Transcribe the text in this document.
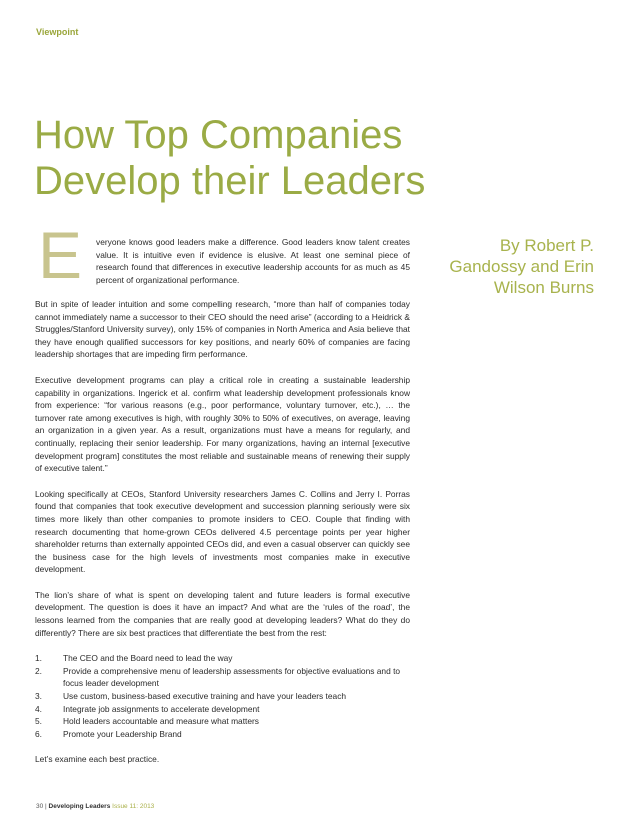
Viewpoint
How Top Companies Develop their Leaders
By Robert P. Gandossy and Erin Wilson Burns
E veryone knows good leaders make a difference. Good leaders know talent creates value. It is intuitive even if evidence is elusive. At least one seminal piece of research found that differences in executive leadership accounts for as much as 45 percent of organizational performance.

But in spite of leader intuition and some compelling research, “more than half of companies today cannot immediately name a successor to their CEO should the need arise” (according to a Heidrick & Struggles/Stanford University survey), only 15% of companies in North America and Asia believe that they have enough qualified successors for key positions, and nearly 60% of companies are facing leadership shortages that are impeding firm performance.

Executive development programs can play a critical role in creating a sustainable leadership capability in organizations. Ingerick et al. confirm what leadership development professionals know from experience: “for various reasons (e.g., poor performance, voluntary turnover, etc.), … the turnover rate among executives is high, with roughly 30% to 50% of executives, on average, leaving an organization in a given year. As a result, organizations must have a means for regularly, and continually, replacing their senior leadership. For many organizations, having an internal [executive development program] constitutes the most reliable and sustainable means of renewing their supply of executive talent.”

Looking specifically at CEOs, Stanford University researchers James C. Collins and Jerry I. Porras found that companies that took executive development and succession planning seriously were six times more likely than other companies to promote insiders to CEO. Couple that finding with research documenting that home-grown CEOs delivered 4.5 percentage points per year higher shareholder returns than externally appointed CEOs did, and even a casual observer can quickly see the business case for the high levels of investments most companies make in executive development.

The lion’s share of what is spent on developing talent and future leaders is formal executive development. The question is does it have an impact? And what are the ‘rules of the road’, the lessons learned from the companies that are really good at developing leaders? What do they do differently? There are six best practices that differentiate the best from the rest:

1.	The CEO and the Board need to lead the way
2.	Provide a comprehensive menu of leadership assessments for objective evaluations and to focus leader development
3.	Use custom, business-based executive training and have your leaders teach
4.	Integrate job assignments to accelerate development
5.	Hold leaders accountable and measure what matters
6.	Promote your Leadership Brand

Let’s examine each best practice.

30 | Developing Leaders Issue 11: 2013
